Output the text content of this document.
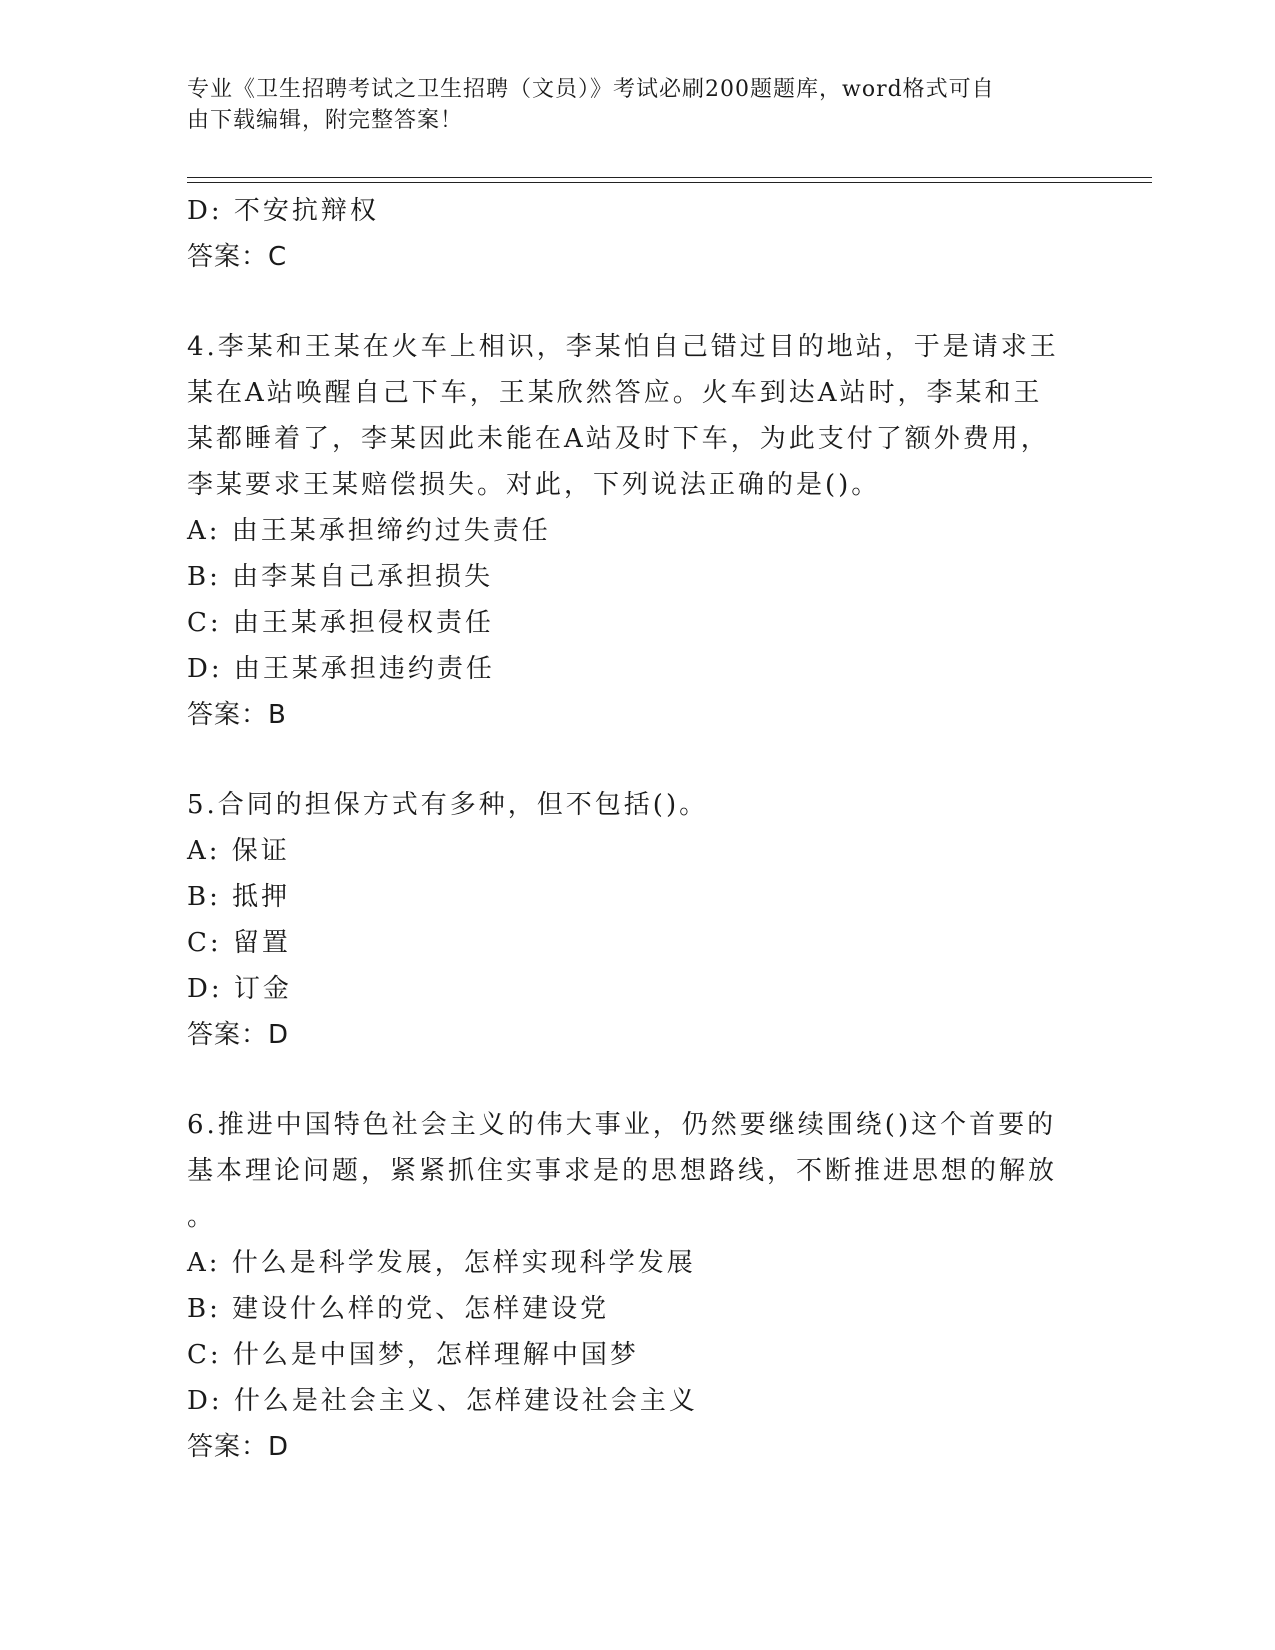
专业《卫生招聘考试之卫生招聘（文员）》考试必刷200题题库，word格式可自
由下载编辑，附完整答案！
D: 不安抗辩权
答案：C
4.李某和王某在火车上相识，李某怕自己错过目的地站，于是请求王
某在A站唤醒自己下车，王某欣然答应。火车到达A站时，李某和王
某都睡着了，李某因此未能在A站及时下车，为此支付了额外费用，
李某要求王某赔偿损失。对此，下列说法正确的是()。
A: 由王某承担缔约过失责任
B: 由李某自己承担损失
C: 由王某承担侵权责任
D: 由王某承担违约责任
答案：B
5.合同的担保方式有多种，但不包括()。
A: 保证
B: 抵押
C: 留置
D: 订金
答案：D
6.推进中国特色社会主义的伟大事业，仍然要继续围绕()这个首要的
基本理论问题，紧紧抓住实事求是的思想路线，不断推进思想的解放
。
A: 什么是科学发展，怎样实现科学发展
B: 建设什么样的党、怎样建设党
C: 什么是中国梦，怎样理解中国梦
D: 什么是社会主义、怎样建设社会主义
答案：D
